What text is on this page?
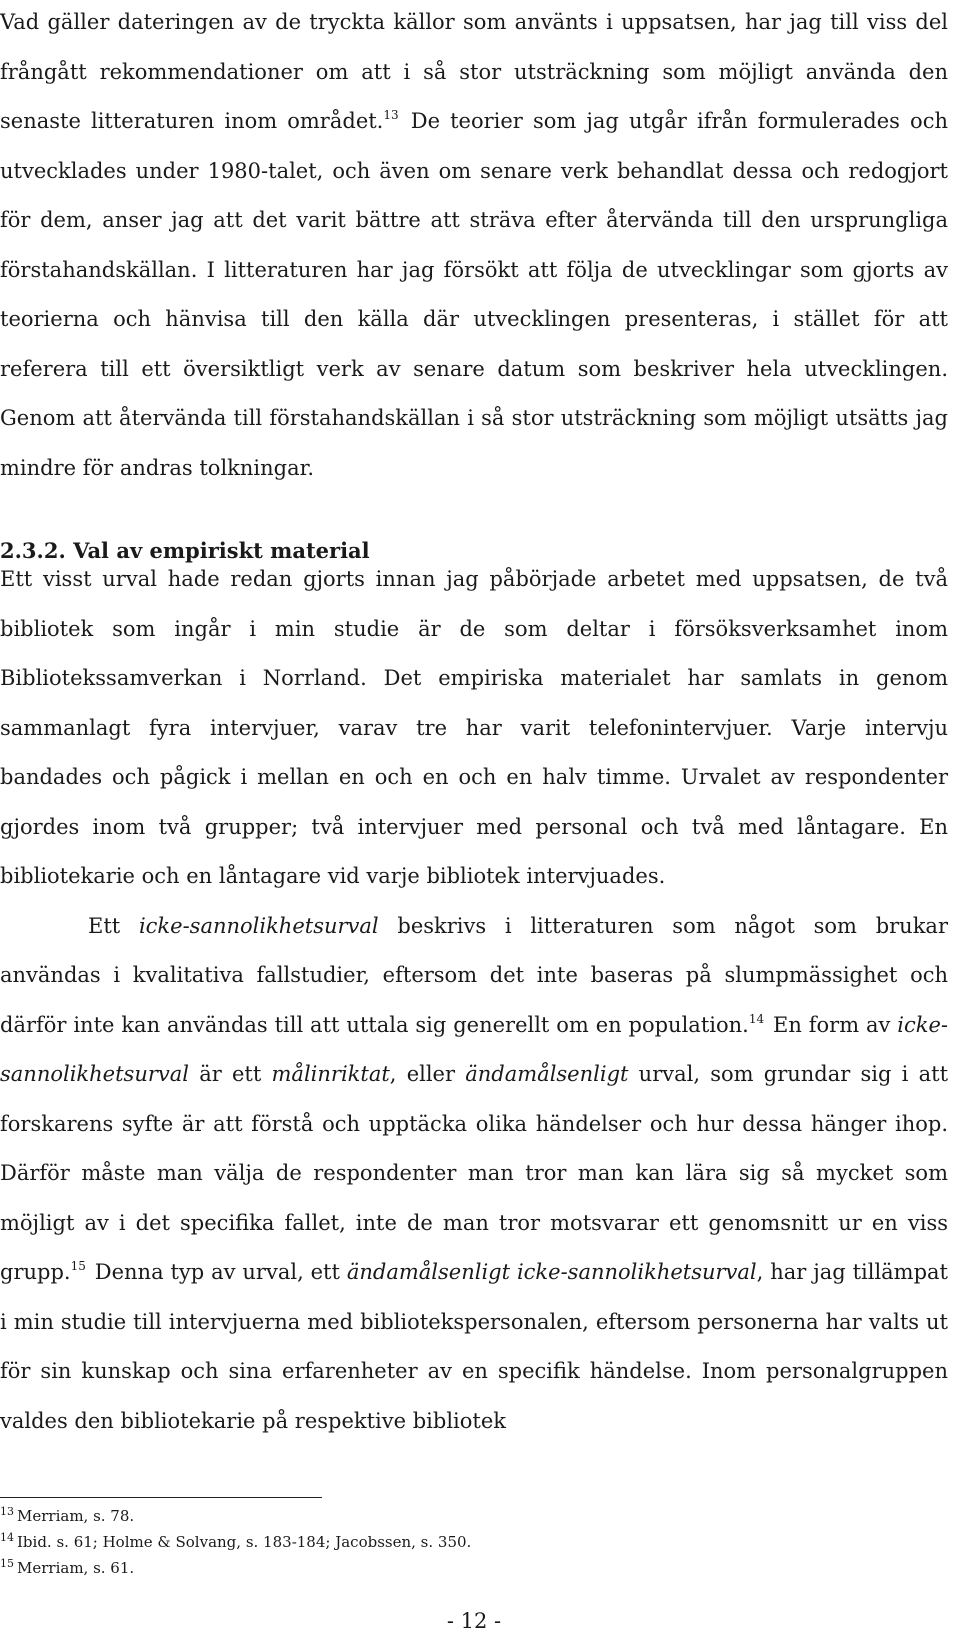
Vad gäller dateringen av de tryckta källor som använts i uppsatsen, har jag till viss del frångått rekommendationer om att i så stor utsträckning som möjligt använda den senaste litteraturen inom området.$^{13}$ De teorier som jag utgår ifrån formulerades och utvecklades under 1980-talet, och även om senare verk behandlat dessa och redogjort för dem, anser jag att det varit bättre att sträva efter återvända till den ursprungliga förstahandskällan. I litteraturen har jag försökt att följa de utvecklingar som gjorts av teorierna och hänvisa till den källa där utvecklingen presenteras, i stället för att referera till ett översiktligt verk av senare datum som beskriver hela utvecklingen. Genom att återvända till förstahandskällan i så stor utsträckning som möjligt utsätts jag mindre för andras tolkningar.

2.3.2. Val av empiriskt material

Ett visst urval hade redan gjorts innan jag påbörjade arbetet med uppsatsen, de två bibliotek som ingår i min studie är de som deltar i försöksverksamhet inom Bibliotekssamverkan i Norrland. Det empiriska materialet har samlats in genom sammanlagt fyra intervjuer, varav tre har varit telefonintervjuer. Varje intervju bandades och pågick i mellan en och en och en halv timme. Urvalet av respondenter gjordes inom två grupper; två intervjuer med personal och två med låntagare. En bibliotekarie och en låntagare vid varje bibliotek intervjuades.

Ett icke-sannolikhetsurval beskrivs i litteraturen som något som brukar användas i kvalitativa fallstudier, eftersom det inte baseras på slumpmässighet och därför inte kan användas till att uttala sig generellt om en population.$^{14}$ En form av icke-sannolikhetsurval är ett målinriktat, eller ändamålsenligt urval, som grundar sig i att forskarens syfte är att förstå och upptäcka olika händelser och hur dessa hänger ihop. Därför måste man välja de respondenter man tror man kan lära sig så mycket som möjligt av i det specifika fallet, inte de man tror motsvarar ett genomsnitt ur en viss grupp.$^{15}$ Denna typ av urval, ett ändamålsenligt icke-sannolikhetsurval, har jag tillämpat i min studie till intervjuerna med bibliotekspersonalen, eftersom personerna har valts ut för sin kunskap och sina erfarenheter av en specifik händelse. Inom personalgruppen valdes den bibliotekarie på respektive bibliotek

$^{13}$ Merriam, s. 78.

$^{14}$ Ibid. s. 61; Holme & Solvang, s. 183-184; Jacobssen, s. 350.

$^{15}$ Merriam, s. 61.

- 12 -
